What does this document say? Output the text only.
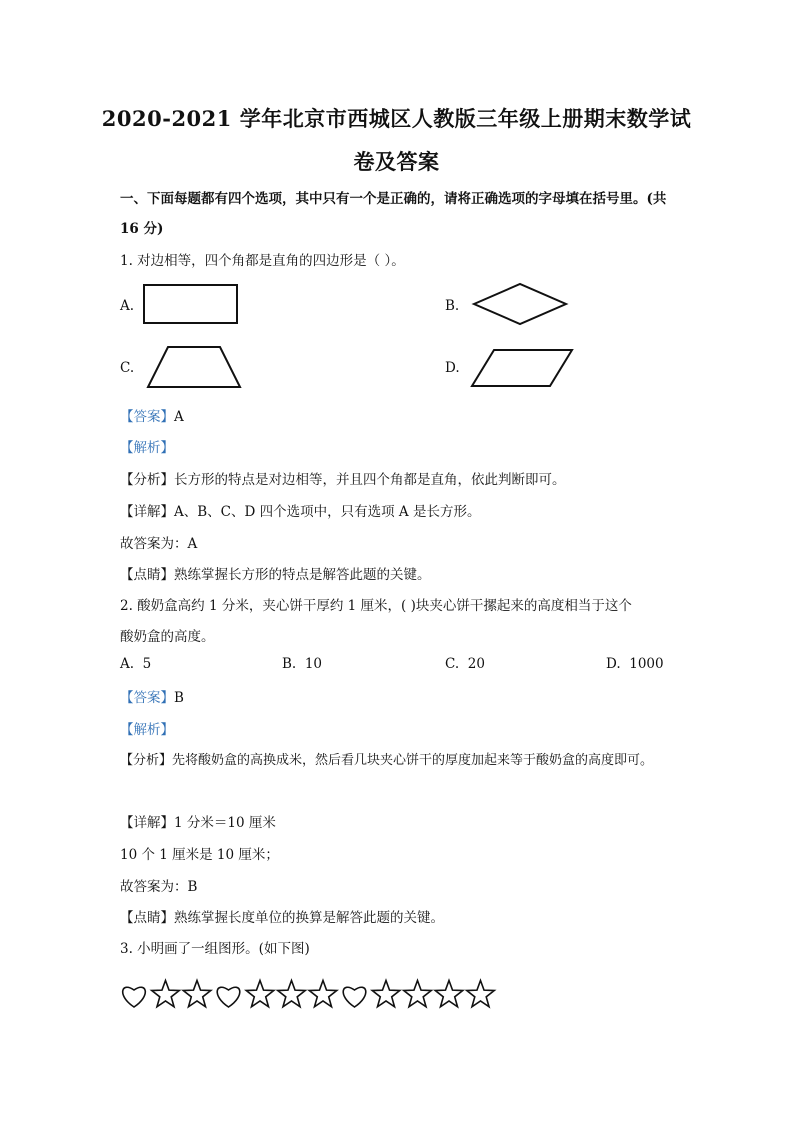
2020-2021 学年北京市西城区人教版三年级上册期末数学试
卷及答案

一、下面每题都有四个选项，其中只有一个是正确的，请将正确选项的字母填在括号里。(共

16 分)

1. 对边相等，四个角都是直角的四边形是（ ）。

A.	B.
C.	D.

【答案】A

【解析】

【分析】长方形的特点是对边相等，并且四个角都是直角，依此判断即可。

【详解】A、B、C、D 四个选项中，只有选项 A 是长方形。

故答案为：A

【点睛】熟练掌握长方形的特点是解答此题的关键。

2. 酸奶盒高约 1 分米，夹心饼干厚约 1 厘米，( )块夹心饼干摞起来的高度相当于这个

酸奶盒的高度。

A. 5	B. 10	C. 20	D. 1000

【答案】B

【解析】

【分析】先将酸奶盒的高换成米，然后看几块夹心饼干的厚度加起来等于酸奶盒的高度即可。

【详解】1 分米＝10 厘米

10 个 1 厘米是 10 厘米；

故答案为：B

【点睛】熟练掌握长度单位的换算是解答此题的关键。

3. 小明画了一组图形。(如下图)
